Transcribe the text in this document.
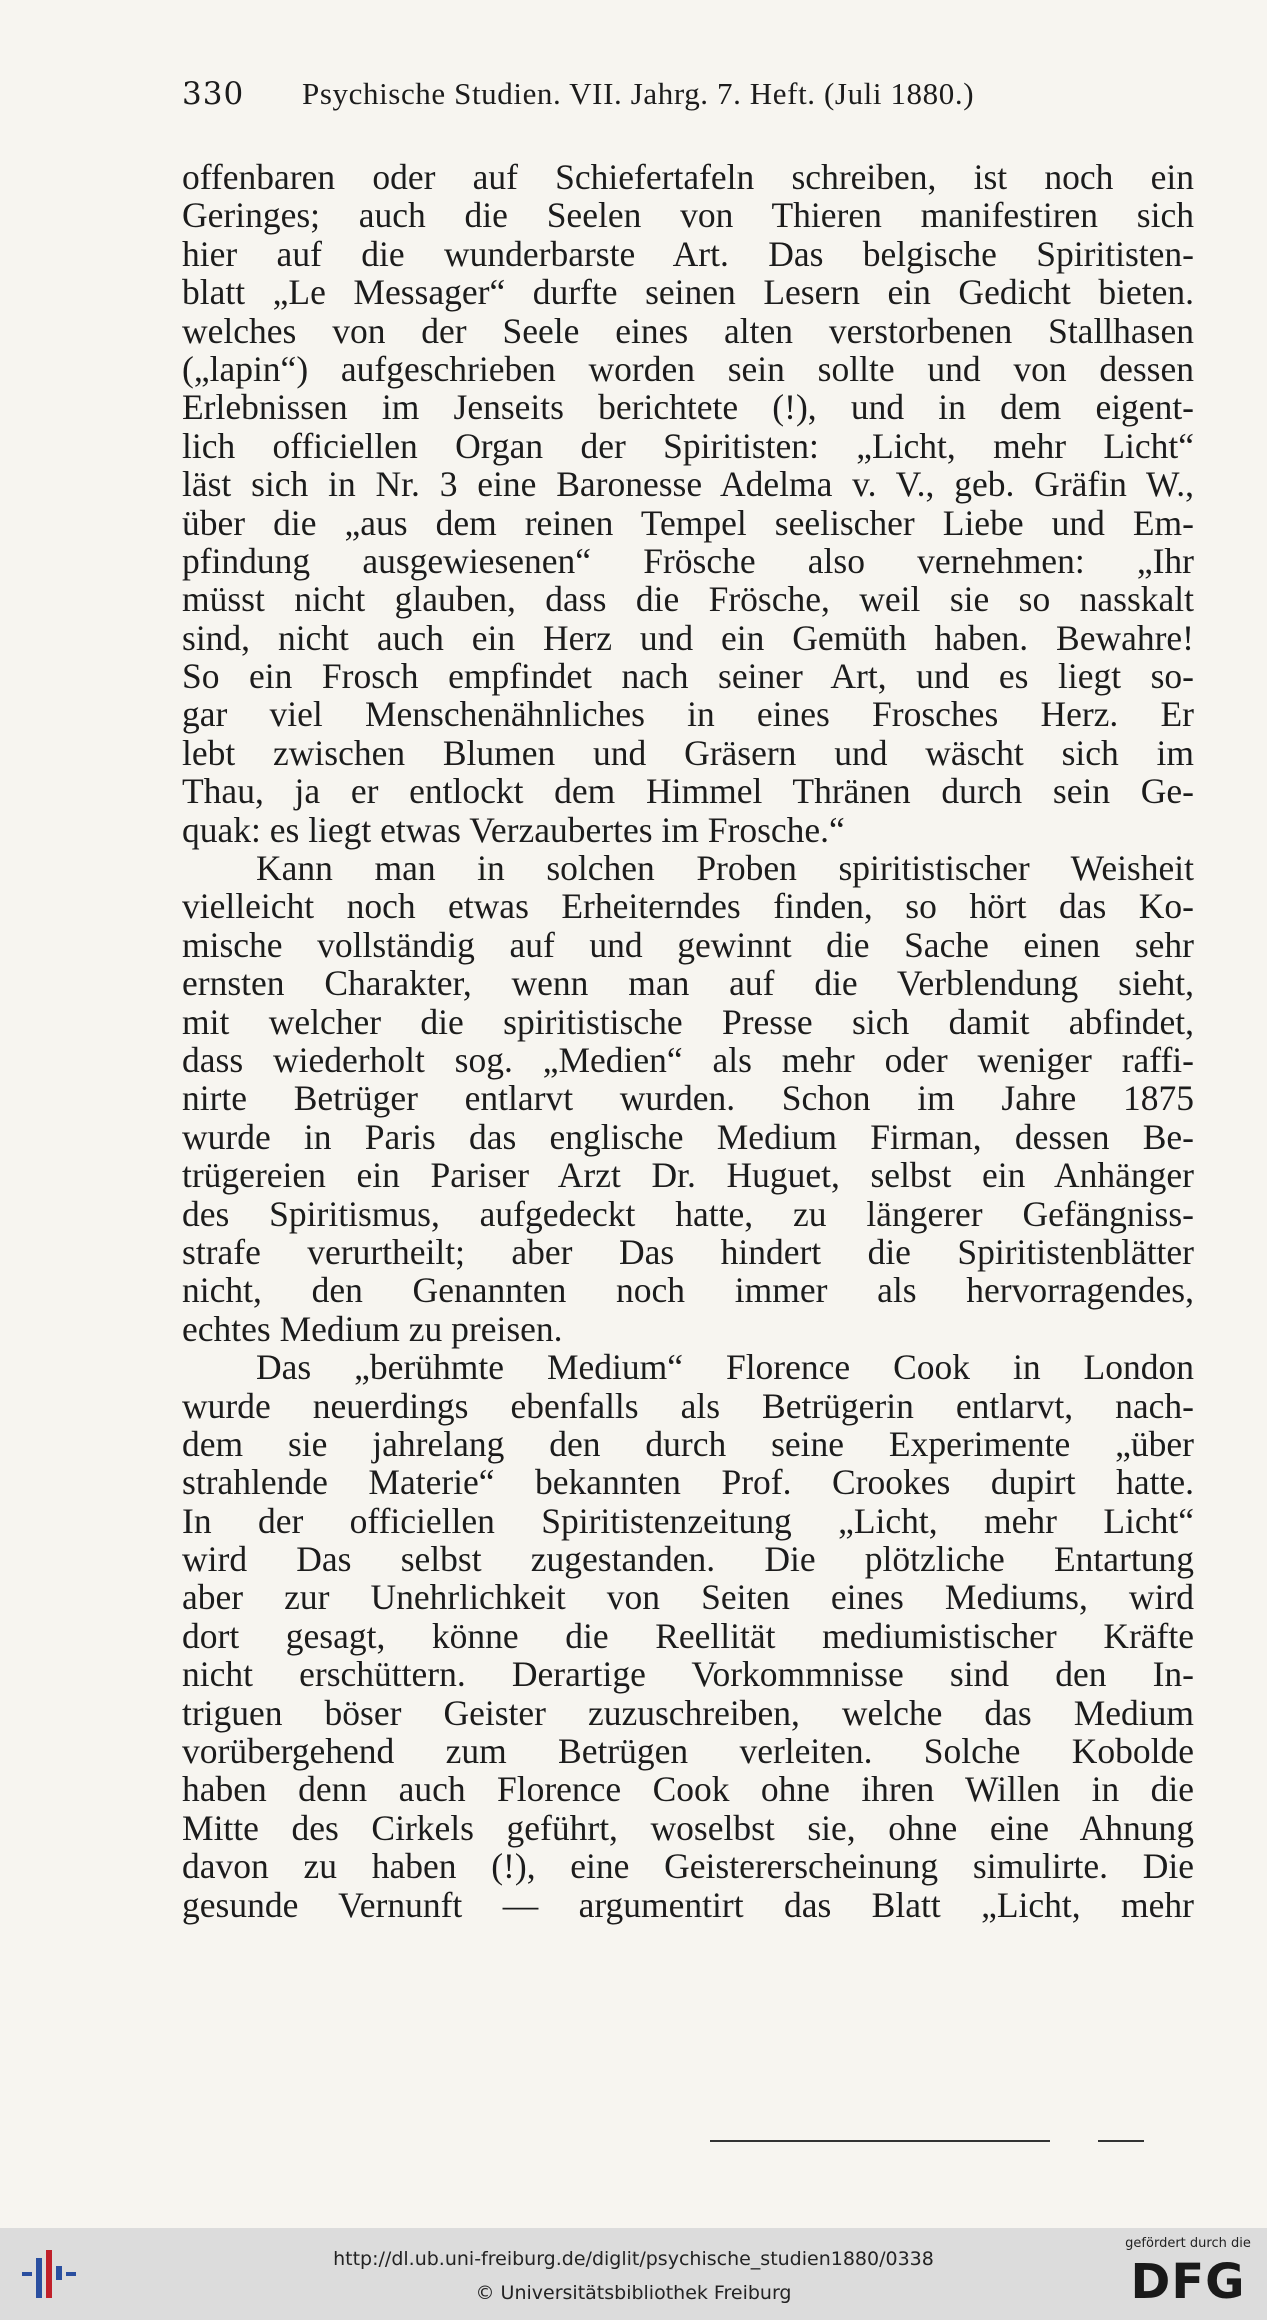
330 Psychische Studien. VII. Jahrg. 7. Heft. (Juli 1880.)
offenbaren oder auf Schiefertafeln schreiben, ist noch ein
Geringes; auch die Seelen von Thieren manifestiren sich
hier auf die wunderbarste Art. Das belgische Spiritisten-
blatt „Le Messager“ durfte seinen Lesern ein Gedicht bieten.
welches von der Seele eines alten verstorbenen Stallhasen
(„lapin“) aufgeschrieben worden sein sollte und von dessen
Erlebnissen im Jenseits berichtete (!), und in dem eigent-
lich officiellen Organ der Spiritisten: „Licht, mehr Licht“
läst sich in Nr. 3 eine Baronesse Adelma v. V., geb. Gräfin W.,
über die „aus dem reinen Tempel seelischer Liebe und Em-
pfindung ausgewiesenen“ Frösche also vernehmen: „Ihr
müsst nicht glauben, dass die Frösche, weil sie so nasskalt
sind, nicht auch ein Herz und ein Gemüth haben. Bewahre!
So ein Frosch empfindet nach seiner Art, und es liegt so-
gar viel Menschenähnliches in eines Frosches Herz. Er
lebt zwischen Blumen und Gräsern und wäscht sich im
Thau, ja er entlockt dem Himmel Thränen durch sein Ge-
quak: es liegt etwas Verzaubertes im Frosche.“
Kann man in solchen Proben spiritistischer Weisheit
vielleicht noch etwas Erheiterndes finden, so hört das Ko-
mische vollständig auf und gewinnt die Sache einen sehr
ernsten Charakter, wenn man auf die Verblendung sieht,
mit welcher die spiritistische Presse sich damit abfindet,
dass wiederholt sog. „Medien“ als mehr oder weniger raffi-
nirte Betrüger entlarvt wurden. Schon im Jahre 1875
wurde in Paris das englische Medium Firman, dessen Be-
trügereien ein Pariser Arzt Dr. Huguet, selbst ein Anhänger
des Spiritismus, aufgedeckt hatte, zu längerer Gefängniss-
strafe verurtheilt; aber Das hindert die Spiritistenblätter
nicht, den Genannten noch immer als hervorragendes,
echtes Medium zu preisen.
Das „berühmte Medium“ Florence Cook in London
wurde neuerdings ebenfalls als Betrügerin entlarvt, nach-
dem sie jahrelang den durch seine Experimente „über
strahlende Materie“ bekannten Prof. Crookes dupirt hatte.
In der officiellen Spiritistenzeitung „Licht, mehr Licht“
wird Das selbst zugestanden. Die plötzliche Entartung
aber zur Unehrlichkeit von Seiten eines Mediums, wird
dort gesagt, könne die Reellität mediumistischer Kräfte
nicht erschüttern. Derartige Vorkommnisse sind den In-
triguen böser Geister zuzuschreiben, welche das Medium
vorübergehend zum Betrügen verleiten. Solche Kobolde
haben denn auch Florence Cook ohne ihren Willen in die
Mitte des Cirkels geführt, woselbst sie, ohne eine Ahnung
davon zu haben (!), eine Geistererscheinung simulirte. Die
gesunde Vernunft — argumentirt das Blatt „Licht, mehr
http://dl.ub.uni-freiburg.de/diglit/psychische_studien1880/0338
© Universitätsbibliothek Freiburg
gefördert durch die
DFG
